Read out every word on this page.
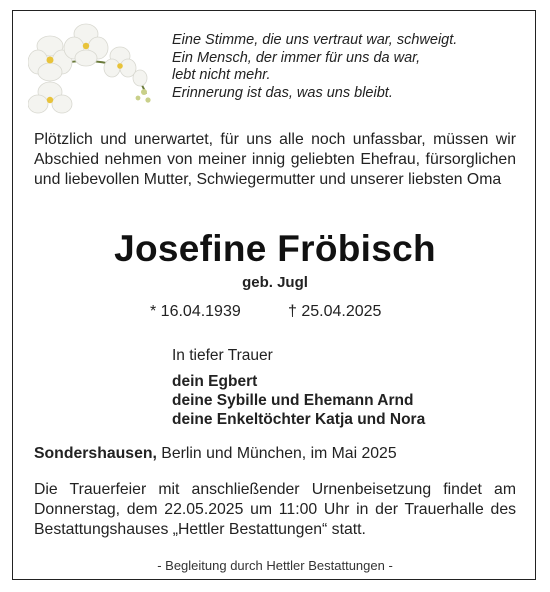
Eine Stimme, die uns vertraut war, schweigt.
Ein Mensch, der immer für uns da war,
lebt nicht mehr.
Erinnerung ist das, was uns bleibt.
Plötzlich und unerwartet, für uns alle noch unfassbar, müssen wir Abschied nehmen von meiner innig geliebten Ehefrau, fürsorglichen und liebevollen Mutter, Schwiegermutter und unserer liebsten Oma
Josefine Fröbisch
geb. Jugl
* 16.04.1939	† 25.04.2025
In tiefer Trauer
dein Egbert
deine Sybille und Ehemann Arnd
deine Enkeltöchter Katja und Nora
Sondershausen, Berlin und München, im Mai 2025
Die Trauerfeier mit anschließender Urnenbeisetzung findet am Donnerstag, dem 22.05.2025 um 11:00 Uhr in der Trauerhalle des Bestattungshauses „Hettler Bestattungen“ statt.
- Begleitung durch Hettler Bestattungen -
